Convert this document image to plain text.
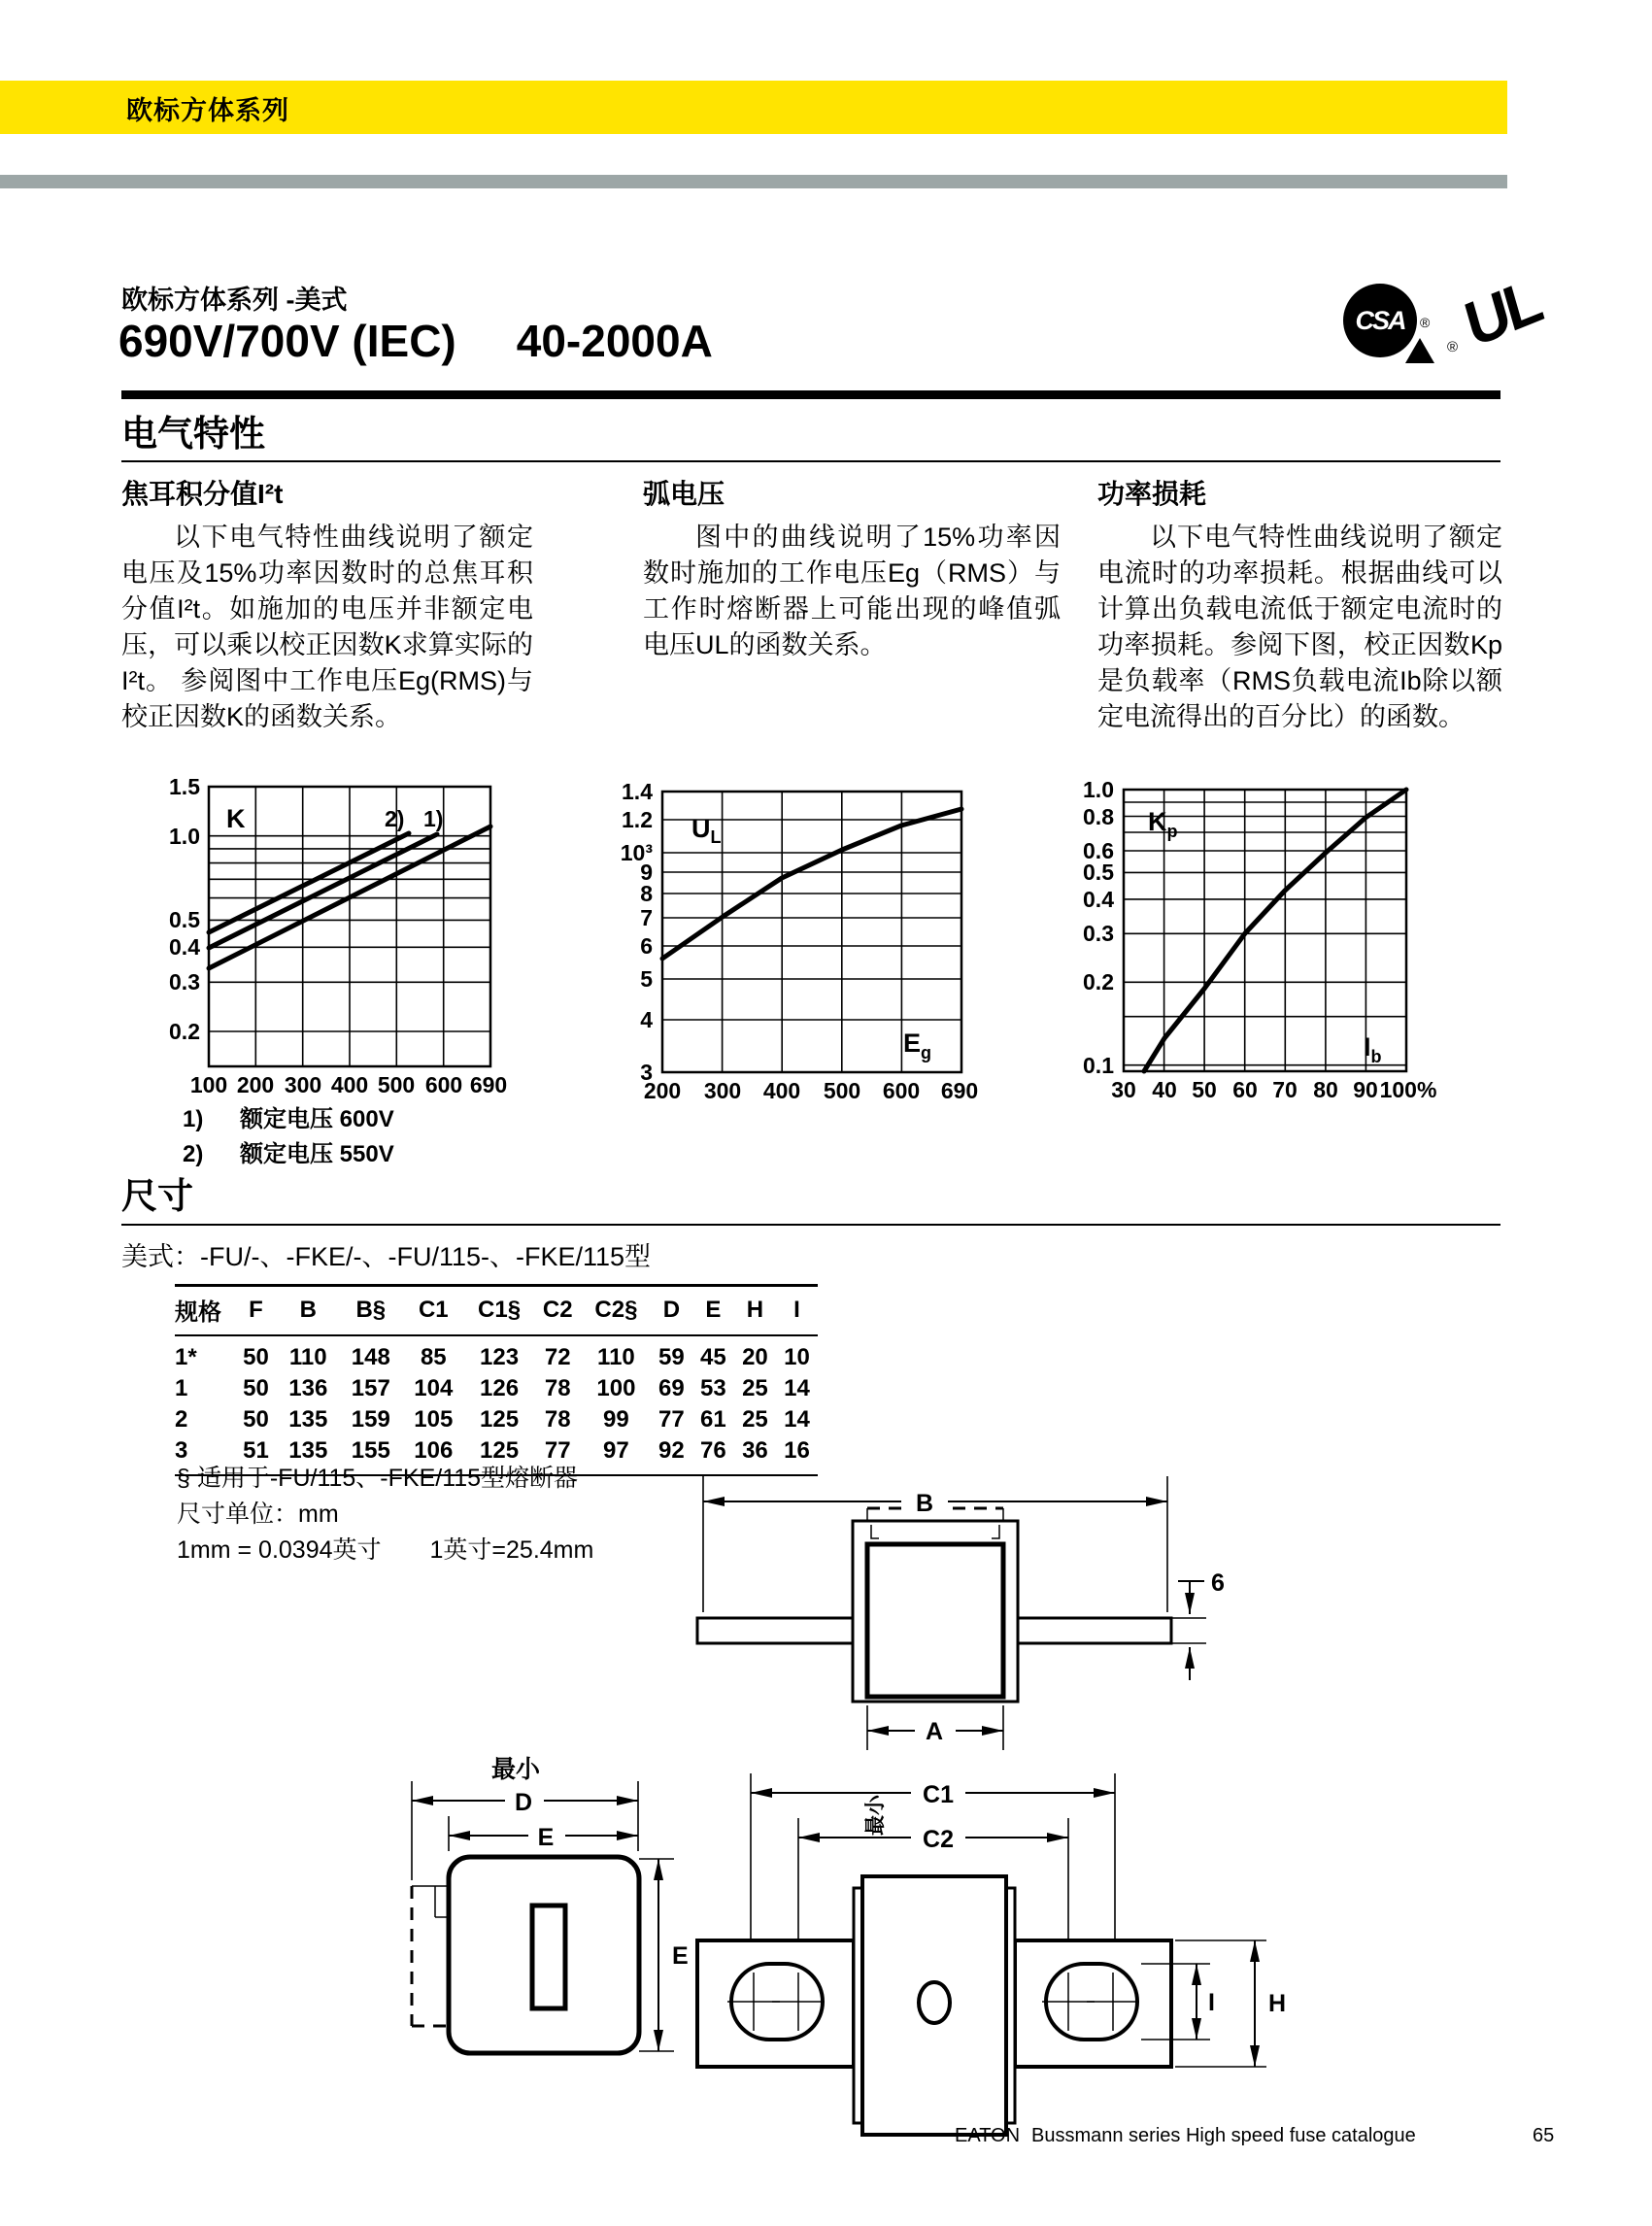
欧标方体系列
欧标方体系列 -美式
690V/700V (IEC) 40-2000A	CSA ®
® UL
电气特性
焦耳积分值I²t

以下电气特性曲线说明了额定电压及15%功率因数时的总焦耳积分值I²t。如施加的电压并非额定电压，可以乘以校正因数K求算实际的I²t。 参阅图中工作电压Eg(RMS)与校正因数K的函数关系。

弧电压

图中的曲线说明了15%功率因数时施加的工作电压Eg（RMS）与工作时熔断器上可能出现的峰值弧电压UL的函数关系。

功率损耗

以下电气特性曲线说明了额定电流时的功率损耗。根据曲线可以计算出负载电流低于额定电流时的功率损耗。参阅下图，校正因数Kp是负载率（RMS负载电流Ib除以额定电流得出的百分比）的函数。

K	2) 1)
1.5
1.0
0.5
0.4
0.3
0.2
100 200 300 400 500 600 690
1) 额定电压 600V
2) 额定电压 550V
$U_L$
$E_g$
1.4
1.2
10³
9
8
7
6
5
4
3
200 300 400 500 600 690
$K_p$
$I_b$
1.0
0.8
0.6
0.5
0.4
0.3
0.2
0.1
30 40 50 60 70 80 90 100%
尺寸
美式：-FU/-、-FKE/-、-FU/115-、-FKE/115型
规格	F	B	B§	C1	C1§	C2	C2§	D	E	H	I
1*	50	110	148	85	123	72	110	59	45	20	10
1	50	136	157	104	126	78	100	69	53	25	14
2	50	135	159	105	125	78	99	77	61	25	14
3	51	135	155	106	125	77	97	92	76	36	16
§ 适用于-FU/115、-FKE/115型熔断器
尺寸单位：mm
1mm = 0.0394英寸　　1英寸=25.4mm
B
A
6
最小
D
E
E
C1
C2
最小
I H
EATON Bussmann series High speed fuse catalogue	65
